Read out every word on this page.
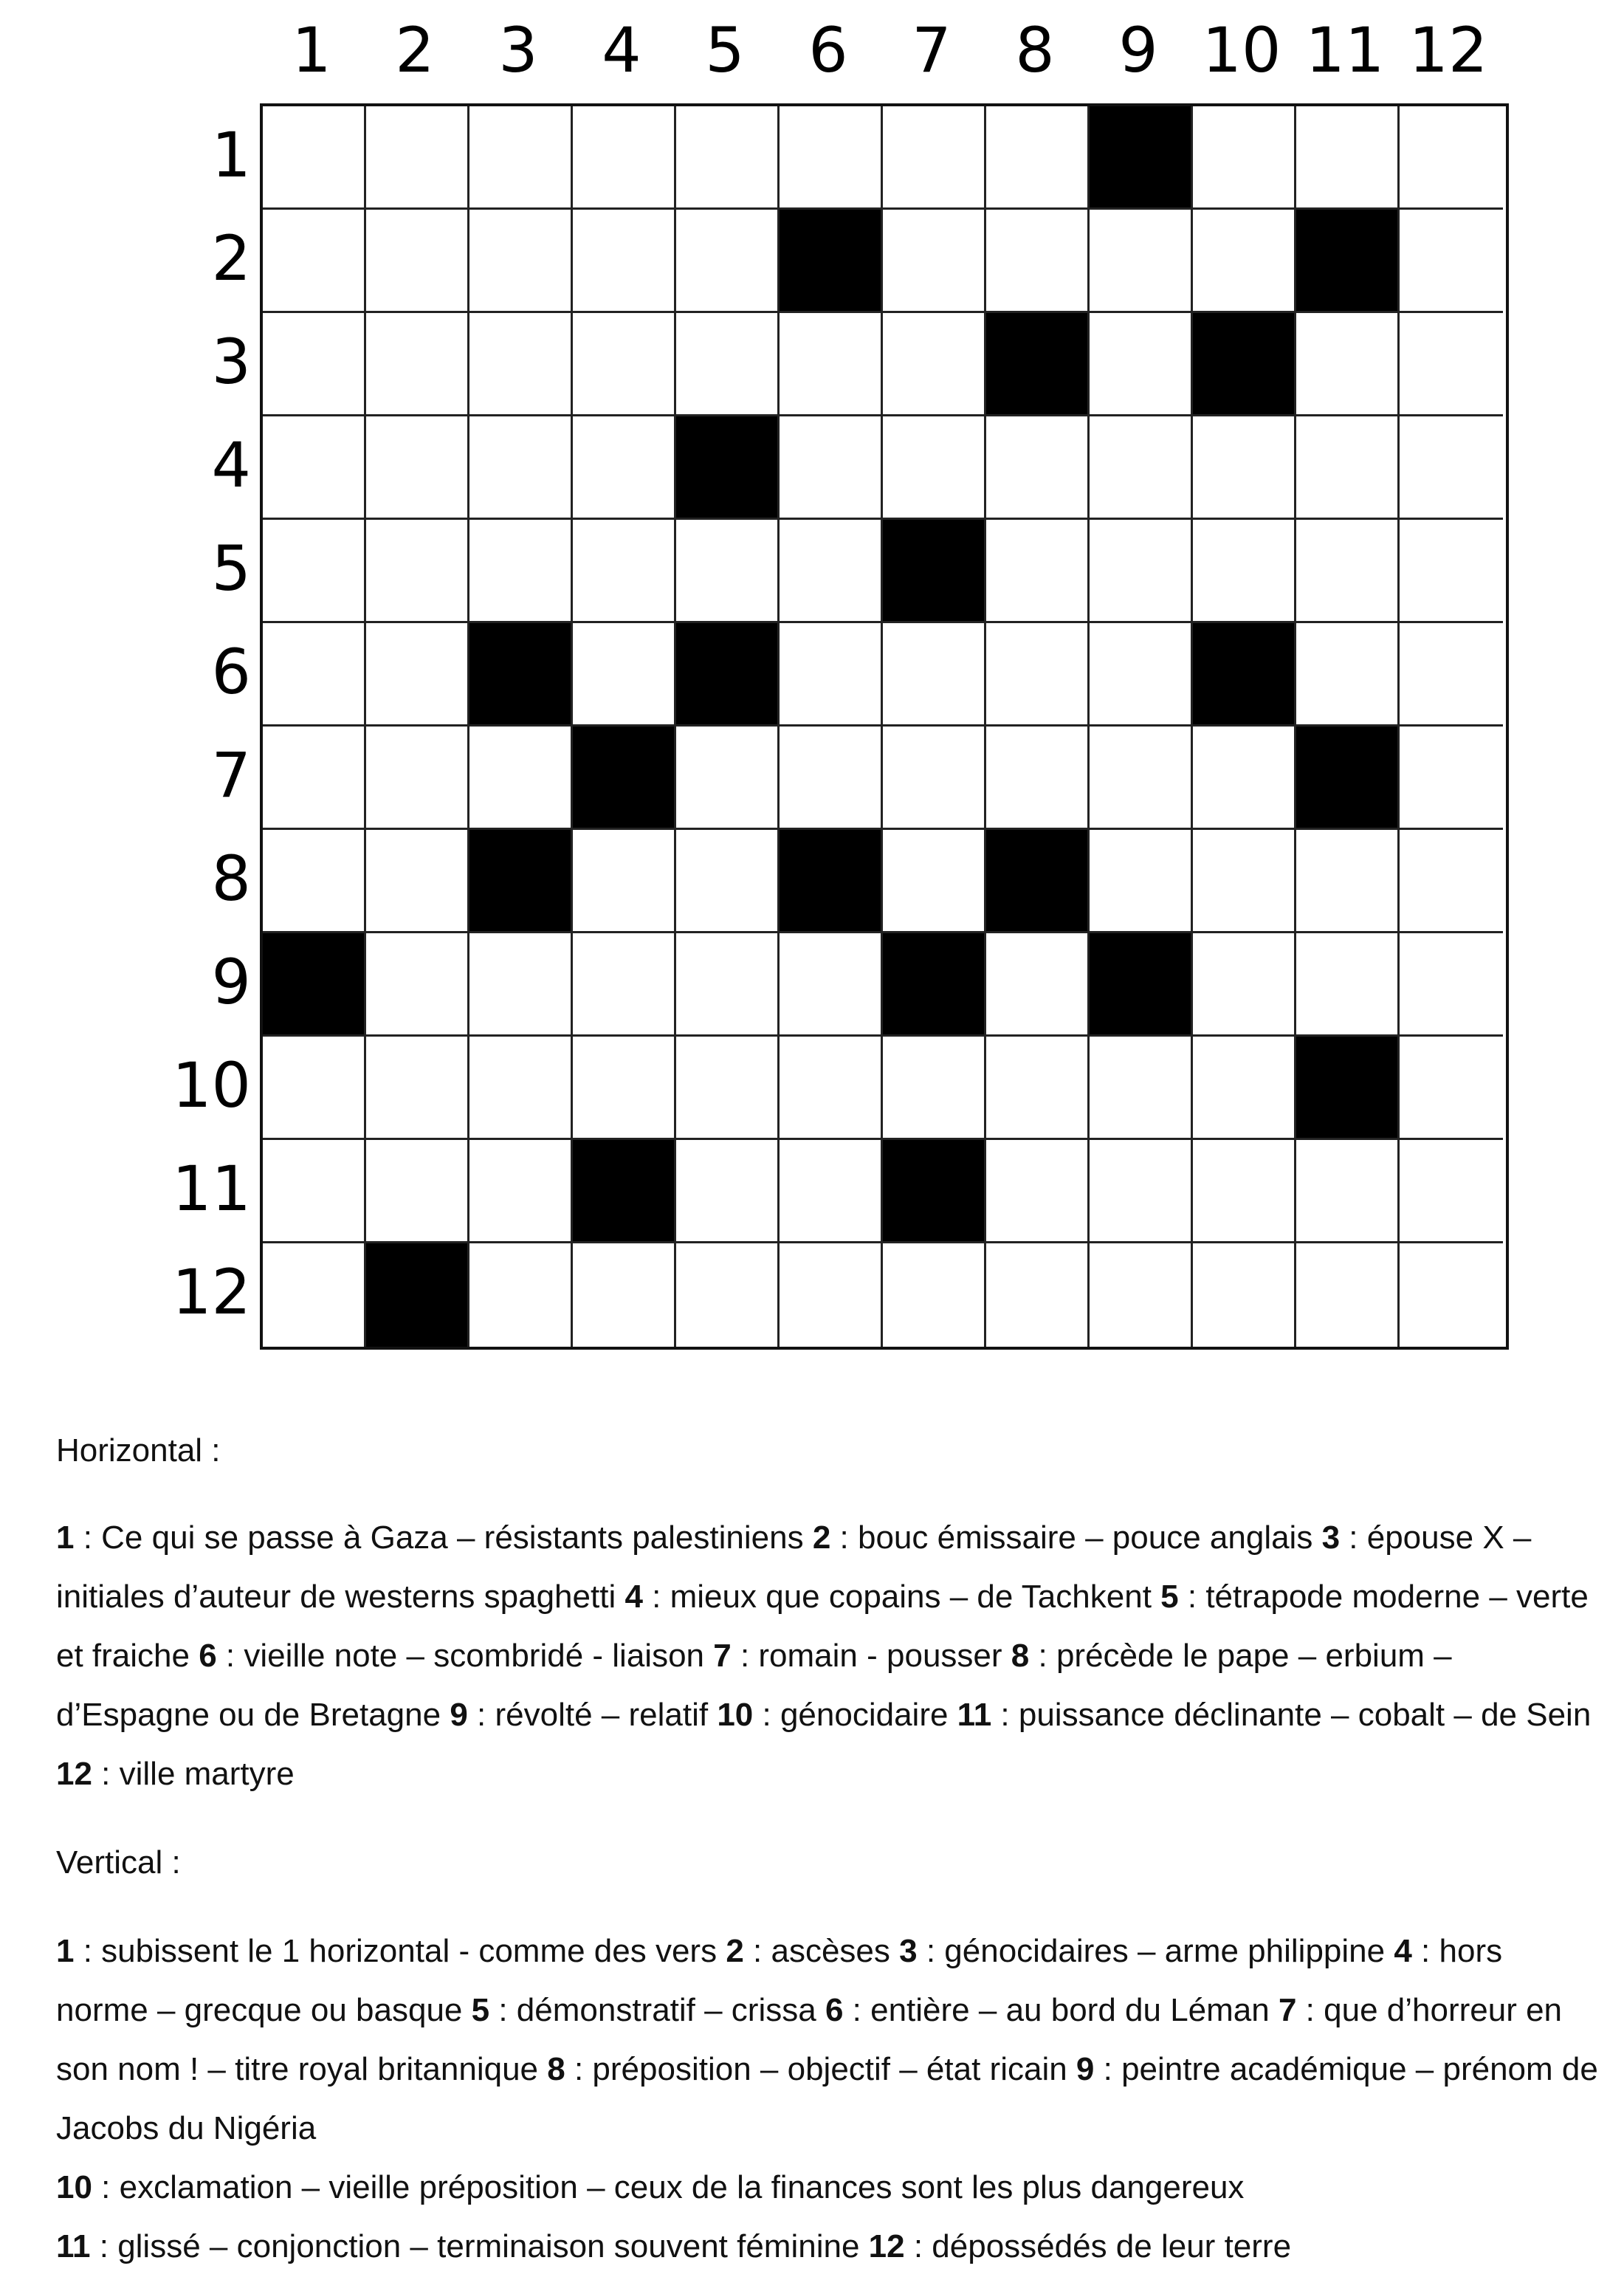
1	2	3	4	5	6	7	8	9 10 11 12
1
2
3
4
5
6
7
8
9
10
11
12
Horizontal :
1 : Ce qui se passe à Gaza – résistants palestiniens 2 : bouc émissaire – pouce anglais 3 : épouse X – initiales d’auteur de westerns spaghetti 4 : mieux que copains – de Tachkent 5 : tétrapode moderne – verte et fraiche 6 : vieille note – scombridé - liaison 7 : romain - pousser 8 : précède le pape – erbium – d’Espagne ou de Bretagne 9 : révolté – relatif 10 : génocidaire 11 : puissance déclinante – cobalt – de Sein 12 : ville martyre
Vertical :
1 : subissent le 1 horizontal - comme des vers 2 : ascèses 3 : génocidaires – arme philippine 4 : hors norme – grecque ou basque 5 : démonstratif – crissa 6 : entière – au bord du Léman 7 : que d’horreur en son nom ! – titre royal britannique 8 : préposition – objectif – état ricain 9 : peintre académique – prénom de Jacobs du Nigéria
10 : exclamation – vieille préposition – ceux de la finances sont les plus dangereux
11 : glissé – conjonction – terminaison souvent féminine 12 : dépossédés de leur terre
